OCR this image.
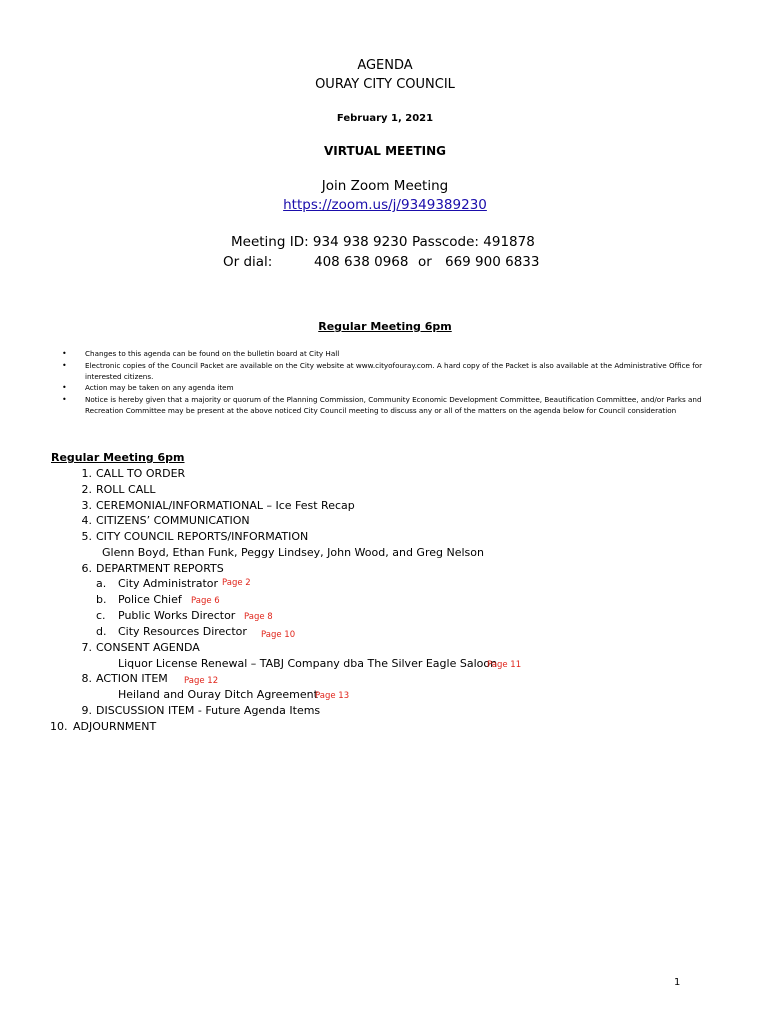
AGENDA
OURAY CITY COUNCIL
February 1, 2021
VIRTUAL MEETING
Join Zoom Meeting
https://zoom.us/j/9349389230
Meeting ID: 934 938 9230 Passcode: 491878
Or dial:	408 638 0968 or 669 900 6833
Regular Meeting 6pm
•	Changes to this agenda can be found on the bulletin board at City Hall
•	Electronic copies of the Council Packet are available on the City website at www.cityofouray.com. A hard copy of the Packet is also available at the Administrative Office for interested citizens.
•	Action may be taken on any agenda item
•	Notice is hereby given that a majority or quorum of the Planning Commission, Community Economic Development Committee, Beautification Committee, and/or Parks and Recreation Committee may be present at the above noticed City Council meeting to discuss any or all of the matters on the agenda below for Council consideration
Regular Meeting 6pm
1. CALL TO ORDER
2. ROLL CALL
3. CEREMONIAL/INFORMATIONAL – Ice Fest Recap
4. CITIZENS’ COMMUNICATION
5. CITY COUNCIL REPORTS/INFORMATION
Glenn Boyd, Ethan Funk, Peggy Lindsey, John Wood, and Greg Nelson
6. DEPARTMENT REPORTS
a. City Administrator Page 2
b. Police Chief Page 6
c. Public Works Director Page 8
d. City Resources Director Page 10
7. CONSENT AGENDA
Liquor License Renewal – TABJ Company dba The Silver Eagle Saloon
Page 11
8. ACTION ITEM Page 12
Heiland and Ouray Ditch Agreement
Page 13
9. DISCUSSION ITEM - Future Agenda Items
10. ADJOURNMENT
1
